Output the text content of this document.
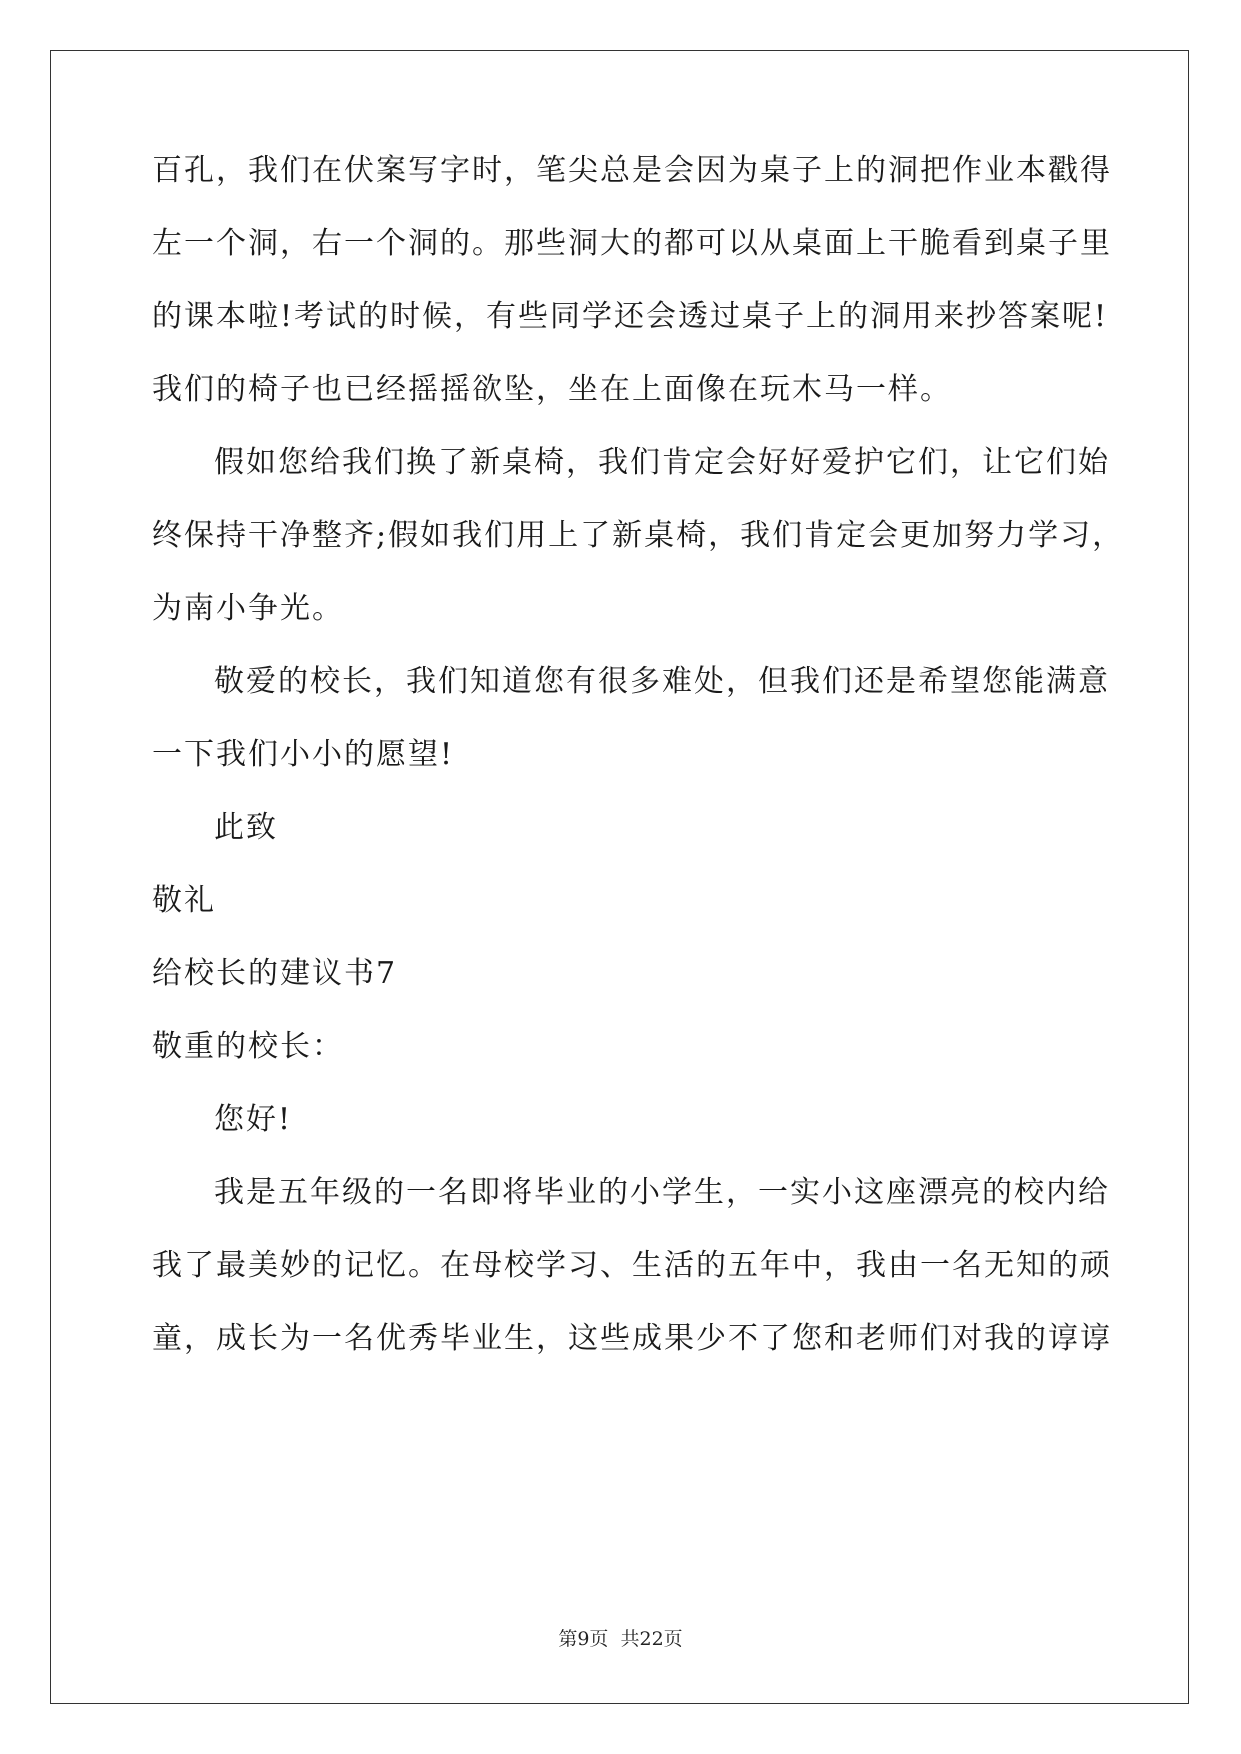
百孔，我们在伏案写字时，笔尖总是会因为桌子上的洞把作业本戳得
左一个洞，右一个洞的。那些洞大的都可以从桌面上干脆看到桌子里
的课本啦!考试的时候，有些同学还会透过桌子上的洞用来抄答案呢!
我们的椅子也已经摇摇欲坠，坐在上面像在玩木马一样。
假如您给我们换了新桌椅，我们肯定会好好爱护它们，让它们始
终保持干净整齐;假如我们用上了新桌椅，我们肯定会更加努力学习，
为南小争光。
敬爱的校长，我们知道您有很多难处，但我们还是希望您能满意
一下我们小小的愿望!
此致
敬礼
给校长的建议书7
敬重的校长：
您好!
我是五年级的一名即将毕业的小学生，一实小这座漂亮的校内给
我了最美妙的记忆。在母校学习、生活的五年中，我由一名无知的顽
童，成长为一名优秀毕业生，这些成果少不了您和老师们对我的谆谆
第9页  共22页
